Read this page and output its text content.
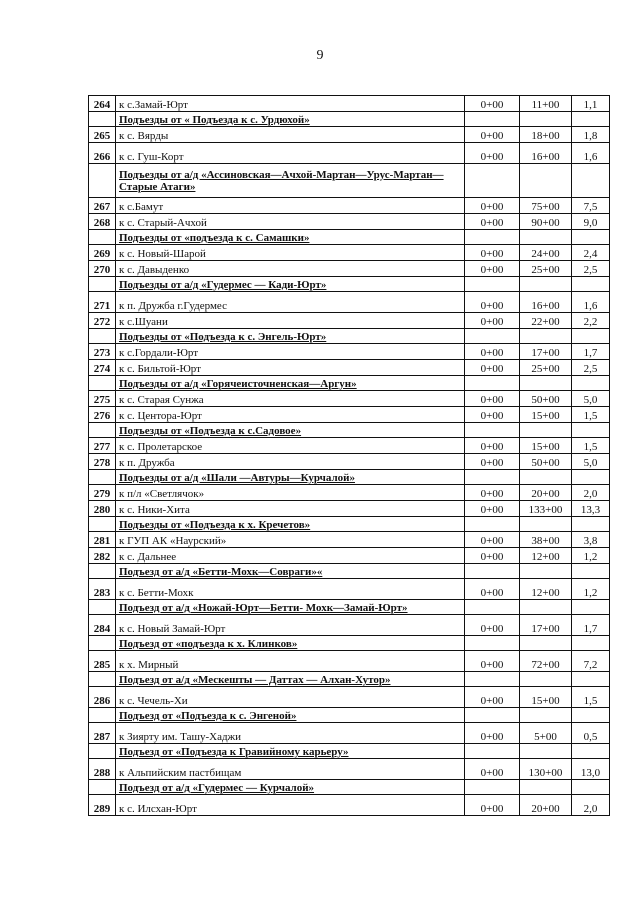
9
264	к с.Замай-Юрт	0+00	11+00	1,1
	Подъезды от « Подъезда к с. Урдюхой»			
265	к с. Вярды	0+00	18+00	1,8
266	к с. Гуш-Корт	0+00	16+00	1,6
	Подъезды от а/д «Ассиновская—Ачхой-Мартан—Урус-Мартан— Старые Атаги»			
267	к с.Бамут	0+00	75+00	7,5
268	к с. Старый-Ачхой	0+00	90+00	9,0
	Подъезды от «подъезда к с. Самашки»			
269	к с. Новый-Шарой	0+00	24+00	2,4
270	к с. Давыденко	0+00	25+00	2,5
	Подъезды от а/д «Гудермес — Кади-Юрт»			
271	к п. Дружба г.Гудермес	0+00	16+00	1,6
272	к с.Шуани	0+00	22+00	2,2
	Подъезды от «Подъезда к с. Энгель-Юрт»			
273	к с.Гордали-Юрт	0+00	17+00	1,7
274	к с. Бильтой-Юрт	0+00	25+00	2,5
	Подъезды от а/д «Горячеисточненская—Аргун»			
275	к с. Старая Сунжа	0+00	50+00	5,0
276	к с. Центора-Юрт	0+00	15+00	1,5
	Подъезды от «Подъезда к с.Садовое»			
277	к с. Пролетарское	0+00	15+00	1,5
278	к п. Дружба	0+00	50+00	5,0
	Подъезды от а/д «Шали —Автуры—Курчалой»			
279	к п/л «Светлячок»	0+00	20+00	2,0
280	к с. Ники-Хита	0+00	133+00	13,3
	Подъезды от «Подъезда к х. Кречетов»			
281	к ГУП АК «Наурский»	0+00	38+00	3,8
282	к с. Дальнее	0+00	12+00	1,2
	Подъезд от а/д «Бетти-Мохк—Совраги»«			
283	к с. Бетти-Мохк	0+00	12+00	1,2
	Подъезд от а/д «Ножай-Юрт—Бетти- Мохк—Замай-Юрт»			
284	к с. Новый Замай-Юрт	0+00	17+00	1,7
	Подъезд от «подъезда к х. Клинков»			
285	к х. Мирный	0+00	72+00	7,2
	Подъезд от а/д «Мескешты — Даттах — Алхан-Хутор»			
286	к с. Чечель-Хи	0+00	15+00	1,5
	Подъезд от «Подъезда к с. Энгеной»			
287	к Зиярту им. Ташу-Хаджи	0+00	5+00	0,5
	Подъезд от «Подъезда к Гравийному карьеру»			
288	к Альпийским пастбищам	0+00	130+00	13,0
	Подъезд от а/д «Гудермес — Курчалой»			
289	к с. Илсхан-Юрт	0+00	20+00	2,0
